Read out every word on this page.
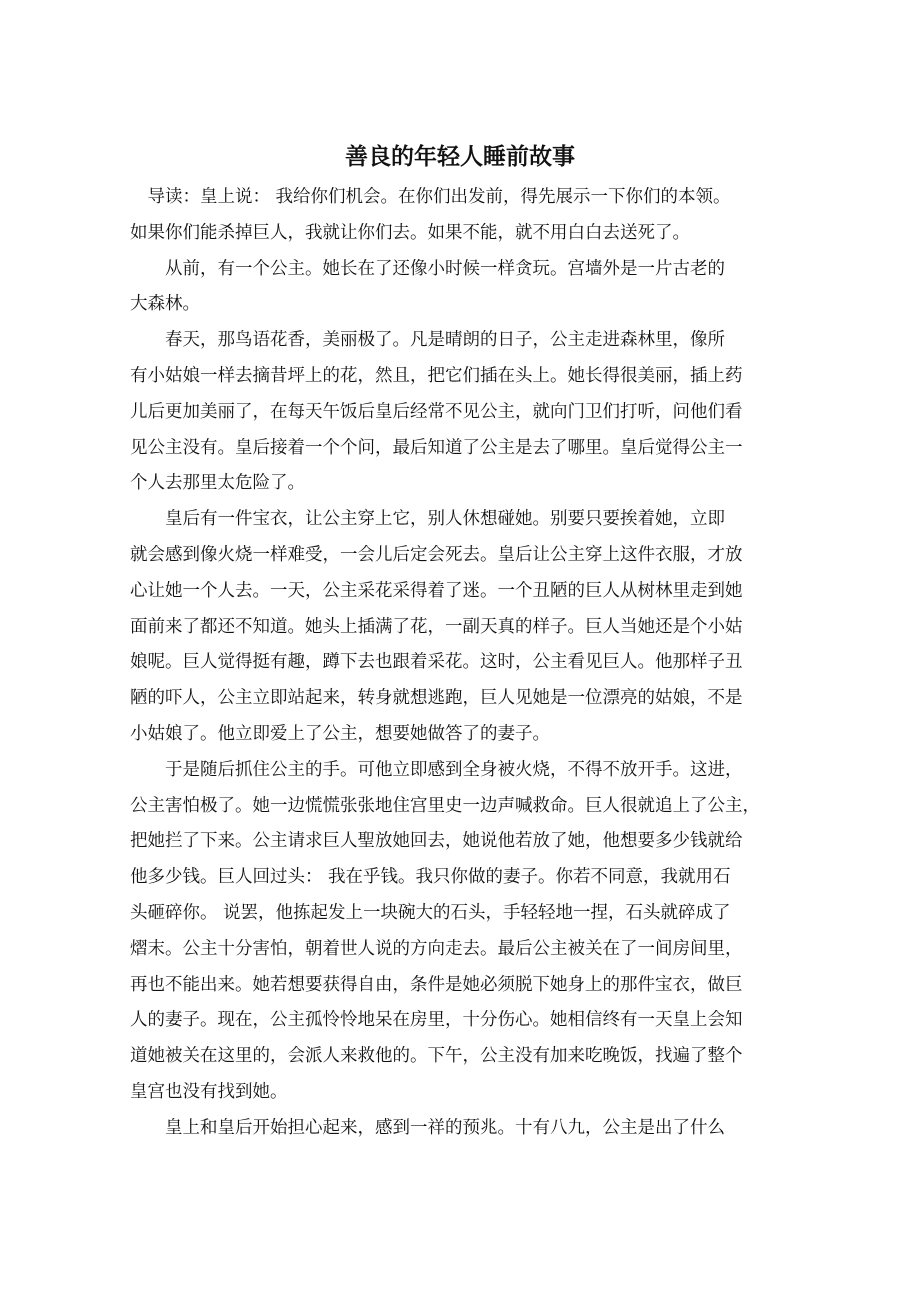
善良的年轻人睡前故事

导读：皇上说： 我给你们机会。在你们出发前，得先展示一下你们的本领。
如果你们能杀掉巨人，我就让你们去。如果不能，就不用白白去送死了。

从前，有一个公主。她长在了还像小时候一样贪玩。宫墙外是一片古老的
大森林。

春天，那鸟语花香，美丽极了。凡是晴朗的日子，公主走进森林里，像所
有小姑娘一样去摘昔坪上的花，然且，把它们插在头上。她长得很美丽，插上药
儿后更加美丽了，在每天午饭后皇后经常不见公主，就向门卫们打听，问他们看
见公主没有。皇后接着一个个问，最后知道了公主是去了哪里。皇后觉得公主一
个人去那里太危险了。

皇后有一件宝衣，让公主穿上它，别人休想碰她。别要只要挨着她，立即
就会感到像火烧一样难受，一会儿后定会死去。皇后让公主穿上这件衣服，才放
心让她一个人去。一天，公主采花采得着了迷。一个丑陋的巨人从树林里走到她
面前来了都还不知道。她头上插满了花，一副天真的样子。巨人当她还是个小姑
娘呢。巨人觉得挺有趣，蹲下去也跟着采花。这时，公主看见巨人。他那样子丑
陋的吓人，公主立即站起来，转身就想逃跑，巨人见她是一位漂亮的姑娘，不是
小姑娘了。他立即爱上了公主，想要她做答了的妻子。

于是随后抓住公主的手。可他立即感到全身被火烧，不得不放开手。这进，
公主害怕极了。她一边慌慌张张地住宫里史一边声喊救命。巨人很就追上了公主，
把她拦了下来。公主请求巨人聖放她回去，她说他若放了她，他想要多少钱就给
他多少钱。巨人回过头： 我在乎钱。我只你做的妻子。你若不同意，我就用石
头砸碎你。 说罢，他拣起发上一块碗大的石头，手轻轻地一捏，石头就碎成了
熠末。公主十分害怕，朝着世人说的方向走去。最后公主被关在了一间房间里，
再也不能出来。她若想要获得自由，条件是她必须脱下她身上的那件宝衣，做巨
人的妻子。现在，公主孤怜怜地呆在房里，十分伤心。她相信终有一天皇上会知
道她被关在这里的，会派人来救他的。下午，公主没有加来吃晚饭，找遍了整个
皇宫也没有找到她。

皇上和皇后开始担心起来，感到一祥的预兆。十有八九，公主是出了什么
